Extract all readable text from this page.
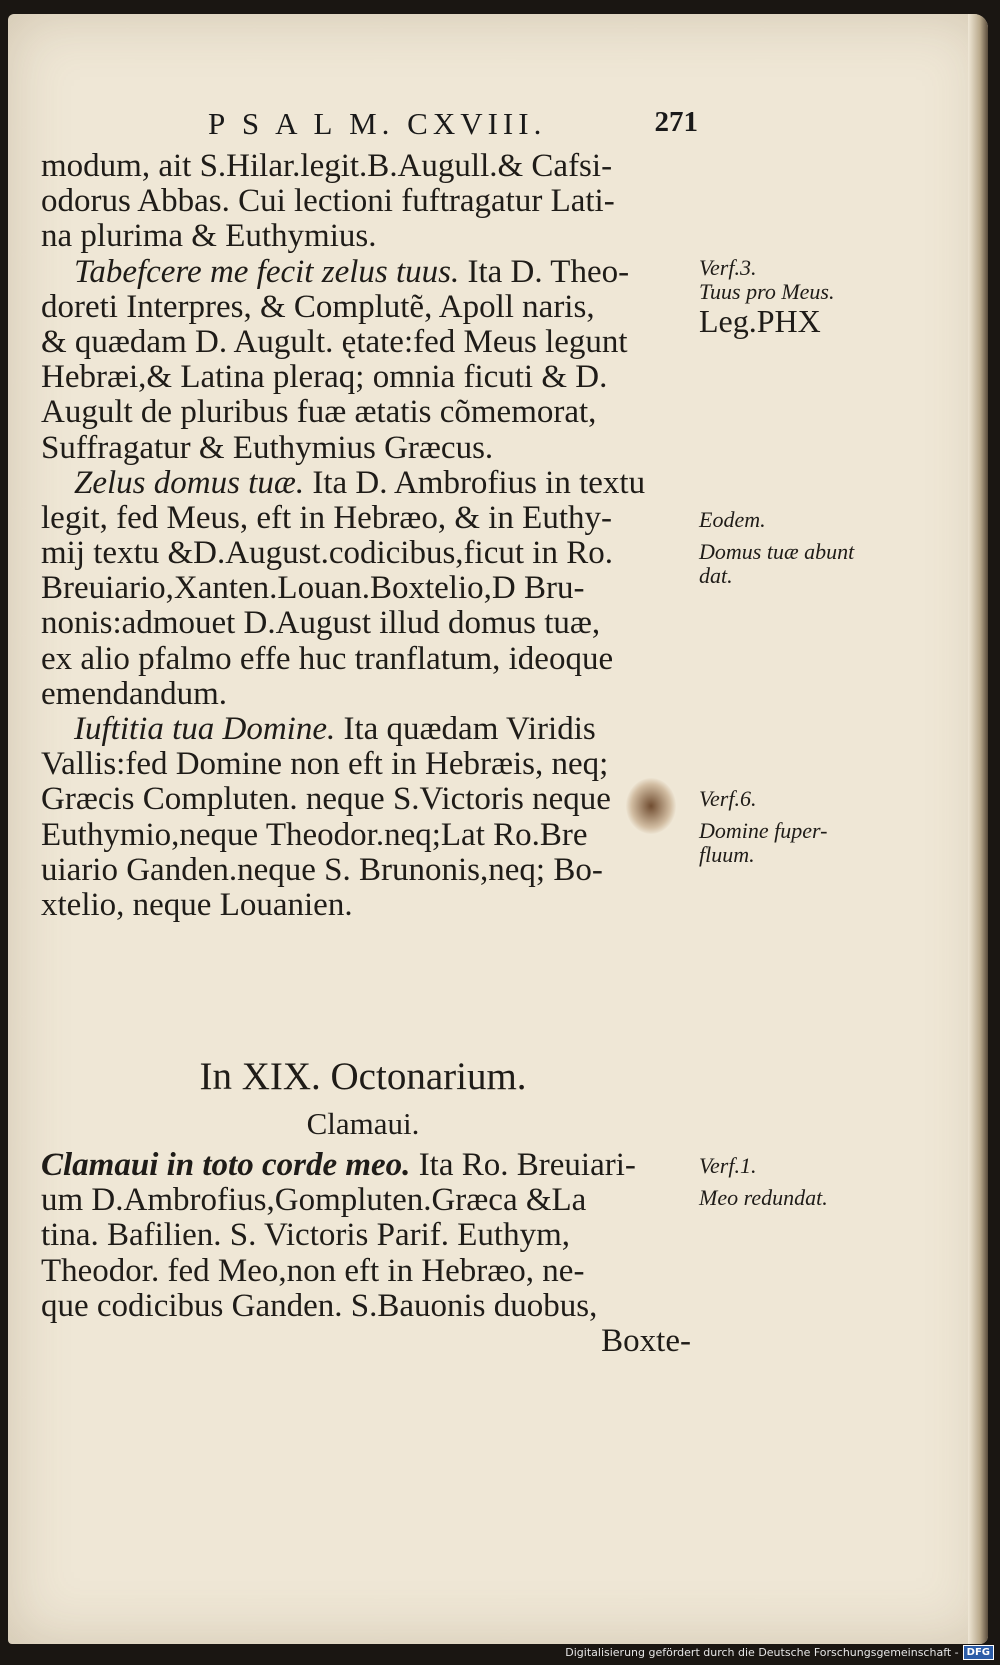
P S A L M. CXVIII.	271

modum, ait S.Hilar.legit.B.Augull.& Cafsi-
odorus Abbas. Cui lectioni fuftragatur Lati-
na plurima & Euthymius.

Tabefcere me fecit zelus tuus. Ita D. Theo-
doreti Interpres, & Complutẽ, Apoll naris,
& quædam D. Augult. ętate:fed Meus legunt
Hebræi,& Latina pleraq; omnia ficuti & D.
Augult de pluribus fuæ ætatis cõmemorat,
Suffragatur & Euthymius Græcus.

Zelus domus tuæ. Ita D. Ambrofius in textu
legit, fed Meus, eft in Hebræo, & in Euthy-
mij textu &D.August.codicibus,ficut in Ro.
Breuiario,Xanten.Louan.Boxtelio,D Bru-
nonis:admouet D.August illud domus tuæ,
ex alio pfalmo effe huc tranflatum, ideoque
emendandum.

Iuftitia tua Domine. Ita quædam Viridis
Vallis:fed Domine non eft in Hebræis, neq;
Græcis Compluten. neque S.Victoris neque
Euthymio,neque Theodor.neq;Lat Ro.Bre
uiario Ganden.neque S. Brunonis,neq; Bo-
xtelio, neque Louanien.

In XIX. Octonarium.
Clamaui.

Clamaui in toto corde meo. Ita Ro. Breuiari-
um D.Ambrofius,Gompluten.Græca &La
tina. Bafilien. S. Victoris Parif. Euthym,
Theodor. fed Meo,non eft in Hebræo, ne-
que codicibus Ganden. S.Bauonis duobus,
Boxte-

Verf.3.
Tuus pro Meus.
Leg.PHX
Eodem.
Domus tuæ abunt
dat.
Verf.6.
Domine fuper-
fluum.
Verf.1.
Meo redundat.
Digitalisierung gefördert durch die Deutsche Forschungsgemeinschaft - DFG
